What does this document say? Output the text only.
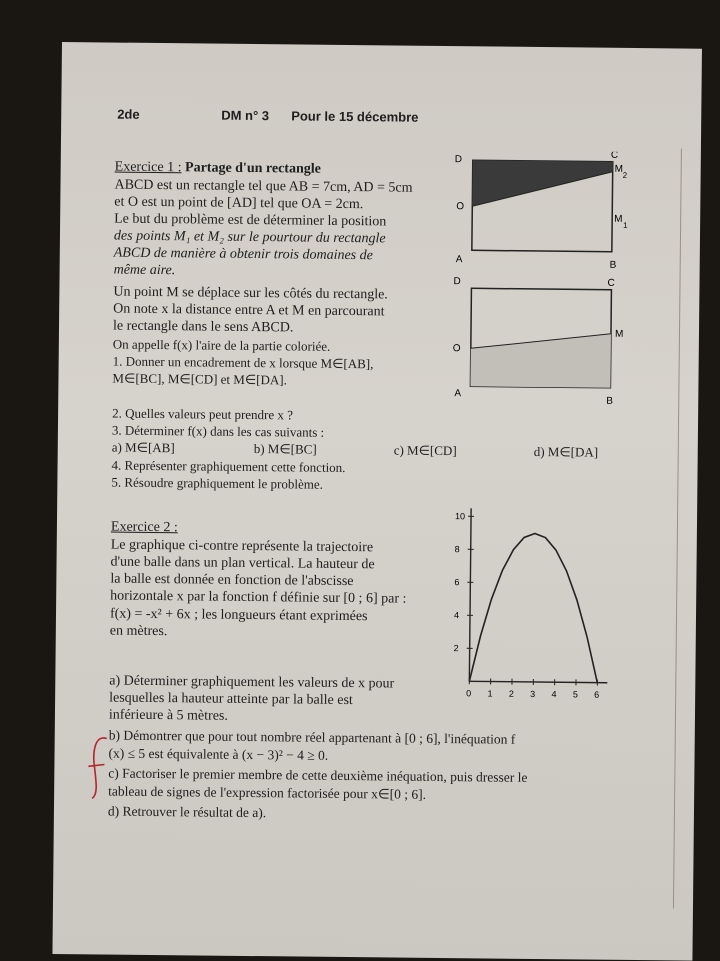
2de	DM n° 3 Pour le 15 décembre
Exercice 1 : Partage d'un rectangle
ABCD est un rectangle tel que AB = 7cm, AD = 5cm
et O est un point de [AD] tel que OA = 2cm.
Le but du problème est de déterminer la position
des points M₁ et M₂ sur le pourtour du rectangle
ABCD de manière à obtenir trois domaines de
même aire.
Un point M se déplace sur les côtés du rectangle.
On note x la distance entre A et M en parcourant
le rectangle dans le sens ABCD.
On appelle f(x) l'aire de la partie coloriée.
1. Donner un encadrement de x lorsque M∈[AB],
M∈[BC], M∈[CD] et M∈[DA].
2. Quelles valeurs peut prendre x ?
3. Déterminer f(x) dans les cas suivants :
a) M∈[AB]	b) M∈[BC]	c) M∈[CD]	d) M∈[DA]
4. Représenter graphiquement cette fonction.
5. Résoudre graphiquement le problème.
D	C
M
2
O
M
1
A
B
D	C
M
O
A
B
Exercice 2 :
Le graphique ci-contre représente la trajectoire
d'une balle dans un plan vertical. La hauteur de
la balle est donnée en fonction de l'abscisse
horizontale x par la fonction f définie sur [0 ; 6] par :
f(x) = -x² + 6x ; les longueurs étant exprimées
en mètres.
a) Déterminer graphiquement les valeurs de x pour
lesquelles la hauteur atteinte par la balle est
inférieure à 5 mètres.
b) Démontrer que pour tout nombre réel appartenant à [0 ; 6], l'inéquation f
(x) ≤ 5 est équivalente à (x − 3)² − 4 ≥ 0.
c) Factoriser le premier membre de cette deuxième inéquation, puis dresser le
tableau de signes de l'expression factorisée pour x∈[0 ; 6].
d) Retrouver le résultat de a).
0 1 2 3 4 5 6
2
4
6
8
10
